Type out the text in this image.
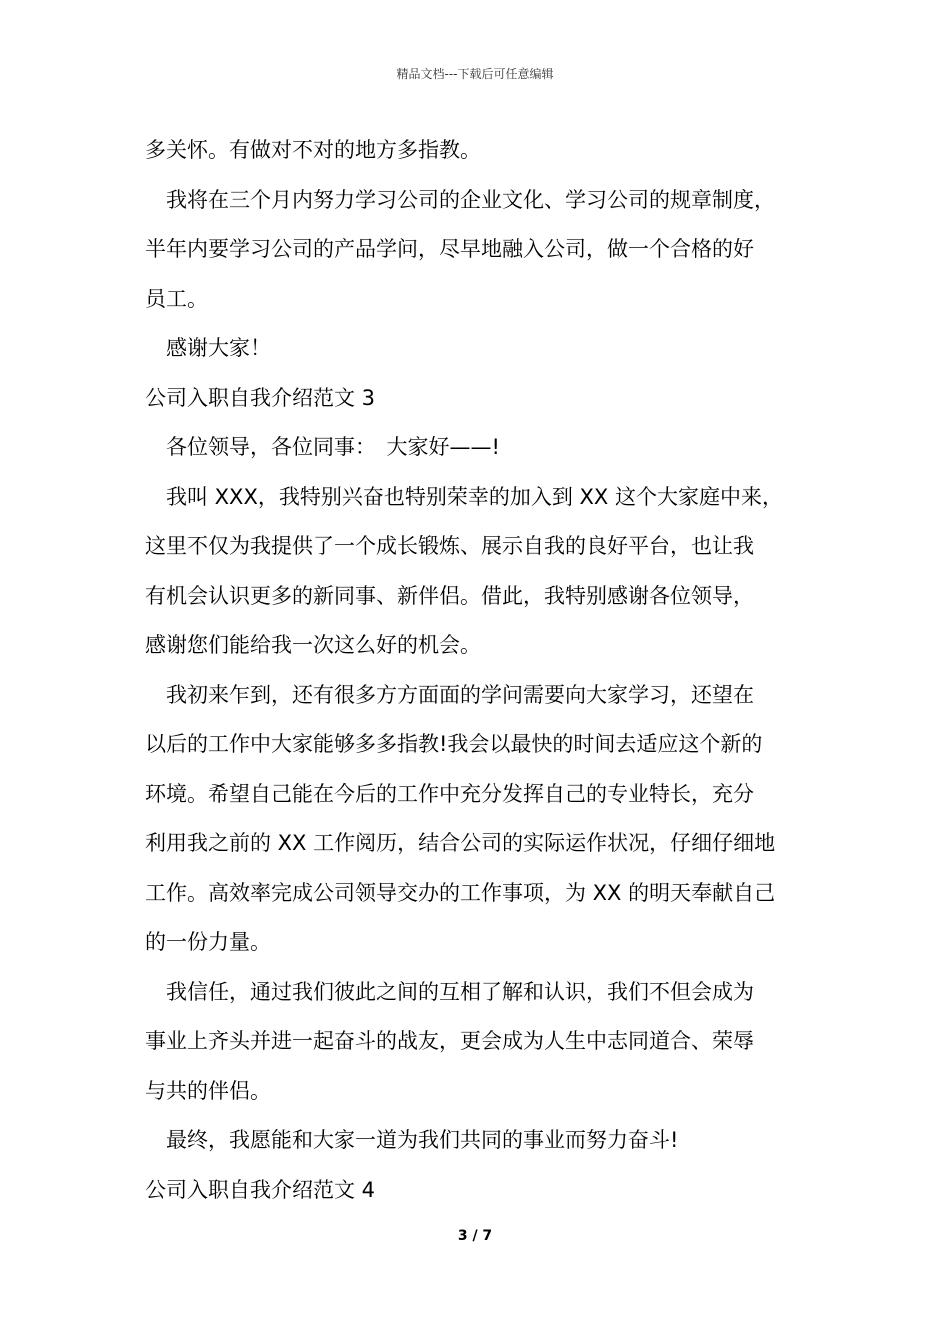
精品文档---下载后可任意编辑
多关怀。有做对不对的地方多指教。
我将在三个月内努力学习公司的企业文化、学习公司的规章制度，
半年内要学习公司的产品学问，尽早地融入公司，做一个合格的好
员工。
感谢大家！
公司入职自我介绍范文 3
各位领导，各位同事：　大家好——!
我叫 XXX，我特别兴奋也特别荣幸的加入到 XX 这个大家庭中来，
这里不仅为我提供了一个成长锻炼、展示自我的良好平台，也让我
有机会认识更多的新同事、新伴侣。借此，我特别感谢各位领导，
感谢您们能给我一次这么好的机会。
我初来乍到，还有很多方方面面的学问需要向大家学习，还望在
以后的工作中大家能够多多指教!我会以最快的时间去适应这个新的
环境。希望自己能在今后的工作中充分发挥自己的专业特长，充分
利用我之前的 XX 工作阅历，结合公司的实际运作状况，仔细仔细地
工作。高效率完成公司领导交办的工作事项，为 XX 的明天奉献自己
的一份力量。
我信任，通过我们彼此之间的互相了解和认识，我们不但会成为
事业上齐头并进一起奋斗的战友，更会成为人生中志同道合、荣辱
与共的伴侣。
最终，我愿能和大家一道为我们共同的事业而努力奋斗!
公司入职自我介绍范文 4
3 / 7
